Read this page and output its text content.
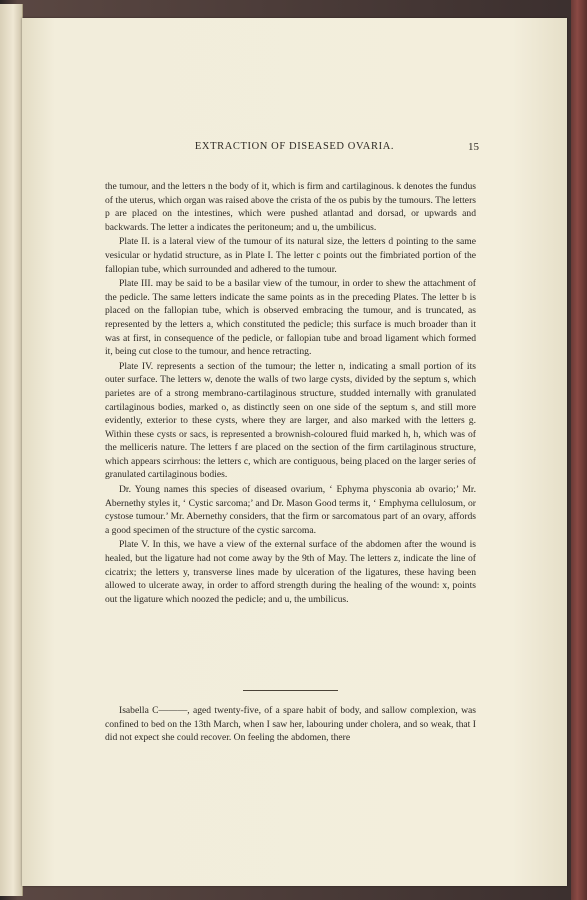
EXTRACTION OF DISEASED OVARIA.	15

the tumour, and the letters n the body of it, which is firm and cartilaginous. k denotes the fundus of the uterus, which organ was raised above the crista of the os pubis by the tumours. The letters p are placed on the intestines, which were pushed atlantad and dorsad, or upwards and backwards. The letter a indicates the peritoneum; and u, the umbilicus.

Plate II. is a lateral view of the tumour of its natural size, the letters d pointing to the same vesicular or hydatid structure, as in Plate I. The letter c points out the fimbriated portion of the fallopian tube, which surrounded and adhered to the tumour.

Plate III. may be said to be a basilar view of the tumour, in order to shew the attachment of the pedicle. The same letters indicate the same points as in the preceding Plates. The letter b is placed on the fallopian tube, which is observed embracing the tumour, and is truncated, as represented by the letters a, which constituted the pedicle; this surface is much broader than it was at first, in consequence of the pedicle, or fallopian tube and broad ligament which formed it, being cut close to the tumour, and hence retracting.

Plate IV. represents a section of the tumour; the letter n, indicating a small portion of its outer surface. The letters w, denote the walls of two large cysts, divided by the septum s, which parietes are of a strong membrano-cartilaginous structure, studded internally with granulated cartilaginous bodies, marked o, as distinctly seen on one side of the septum s, and still more evidently, exterior to these cysts, where they are larger, and also marked with the letters g. Within these cysts or sacs, is represented a brownish-coloured fluid marked h, h, which was of the melliceris nature. The letters f are placed on the section of the firm cartilaginous structure, which appears scirrhous: the letters c, which are contiguous, being placed on the larger series of granulated cartilaginous bodies.

Dr. Young names this species of diseased ovarium, ‘ Ephyma physconia ab ovario;’ Mr. Abernethy styles it, ‘ Cystic sarcoma;’ and Dr. Mason Good terms it, ‘ Emphyma cellulosum, or cystose tumour.’ Mr. Abernethy considers, that the firm or sarcomatous part of an ovary, affords a good specimen of the structure of the cystic sarcoma.

Plate V. In this, we have a view of the external surface of the abdomen after the wound is healed, but the ligature had not come away by the 9th of May. The letters z, indicate the line of cicatrix; the letters y, transverse lines made by ulceration of the ligatures, these having been allowed to ulcerate away, in order to afford strength during the healing of the wound: x, points out the ligature which noozed the pedicle; and u, the umbilicus.

Isabella C———, aged twenty-five, of a spare habit of body, and sallow complexion, was confined to bed on the 13th March, when I saw her, labouring under cholera, and so weak, that I did not expect she could recover. On feeling the abdomen, there
